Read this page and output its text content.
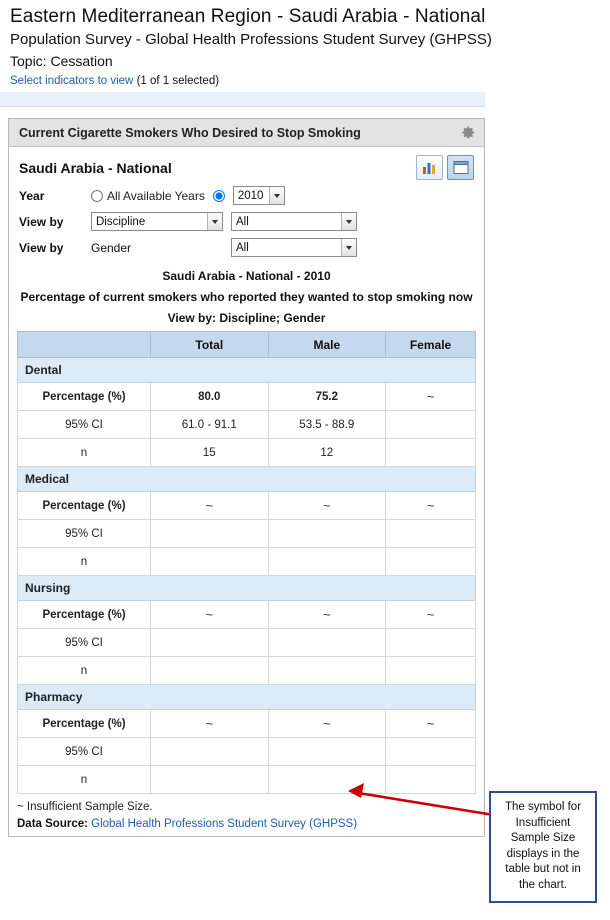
Eastern Mediterranean Region - Saudi Arabia - National
Population Survey - Global Health Professions Student Survey (GHPSS)
Topic: Cessation
Select indicators to view (1 of 1 selected)
Current Cigarette Smokers Who Desired to Stop Smoking
Saudi Arabia - National
Year	All Available Years	2010
View by	Discipline	All
View by	Gender	All
Saudi Arabia - National - 2010
Percentage of current smokers who reported they wanted to stop smoking now
View by: Discipline; Gender
	Total	Male	Female
Dental			
Percentage (%)	80.0	75.2	~
95% CI	61.0 - 91.1	53.5 - 88.9	
n	15	12	
Medical			
Percentage (%)	~	~	~
95% CI			
n			
Nursing			
Percentage (%)	~	~	~
95% CI			
n			
Pharmacy			
Percentage (%)	~	~	~
95% CI			
n			
~ Insufficient Sample Size.
Data Source: Global Health Professions Student Survey (GHPSS)
The symbol for Insufficient Sample Size displays in the table but not in the chart.
